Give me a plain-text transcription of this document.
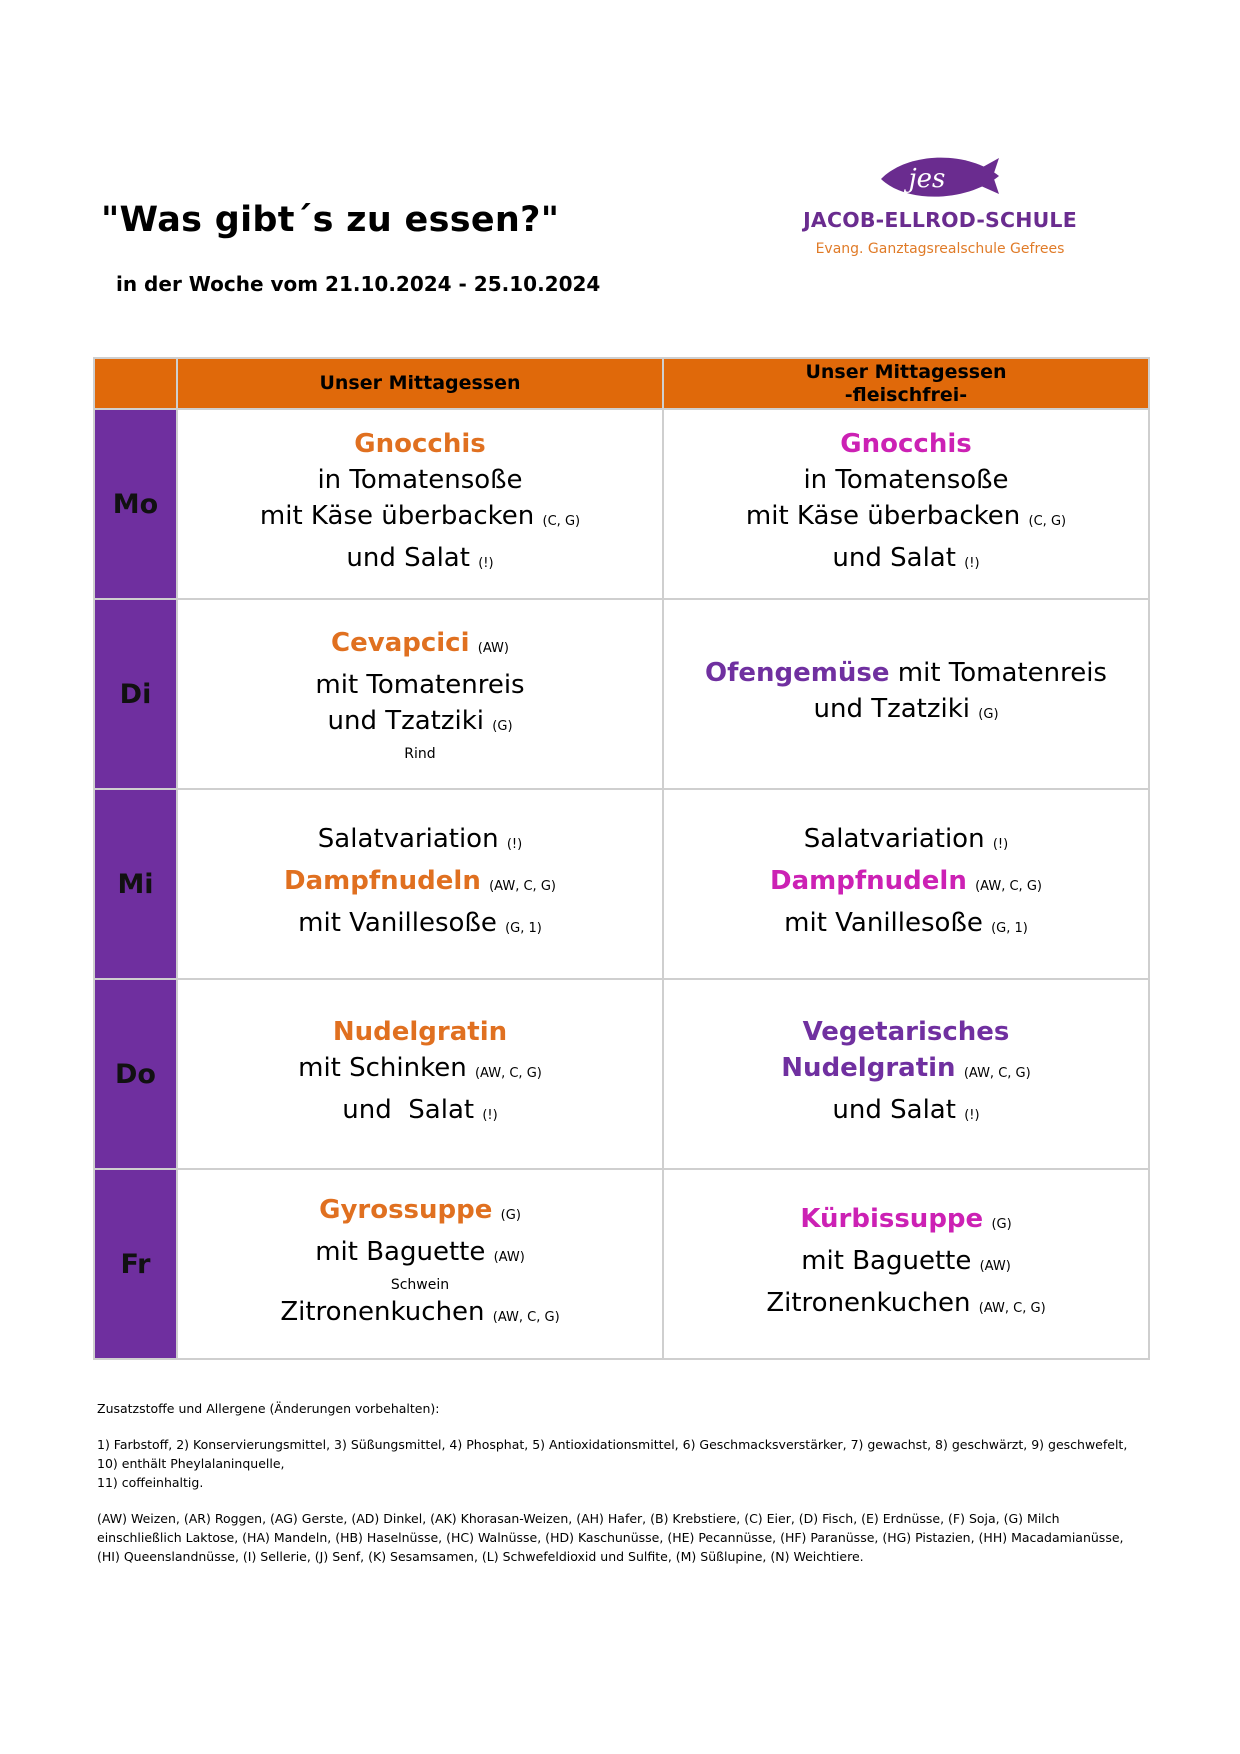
"Was gibt´s zu essen?"
in der Woche vom 21.10.2024 - 25.10.2024
jes
JACOB-ELLROD-SCHULE
Evang. Ganztagsrealschule Gefrees
	Unser Mittagessen	Unser Mittagessen
-fleischfrei-
Mo	Gnocchis
in Tomatensoße
mit Käse überbacken (C, G)
und Salat (!)	Gnocchis
in Tomatensoße
mit Käse überbacken (C, G)
und Salat (!)
Di	Cevapcici (AW)
mit Tomatenreis
und Tzatziki (G)
Rind	Ofengemüse mit Tomatenreis
und Tzatziki (G)
Mi	Salatvariation (!)
Dampfnudeln (AW, C, G)
mit Vanillesoße (G, 1)	Salatvariation (!)
Dampfnudeln (AW, C, G)
mit Vanillesoße (G, 1)
Do	Nudelgratin
mit Schinken (AW, C, G)
und  Salat (!)	Vegetarisches
Nudelgratin (AW, C, G)
und Salat (!)
Fr	Gyrossuppe (G)
mit Baguette (AW)
Schwein
Zitronenkuchen (AW, C, G)	Kürbissuppe (G)
mit Baguette (AW)
Zitronenkuchen (AW, C, G)

Zusatzstoffe und Allergene (Änderungen vorbehalten):

1) Farbstoff, 2) Konservierungsmittel, 3) Süßungsmittel, 4) Phosphat, 5) Antioxidationsmittel, 6) Geschmacksverstärker, 7) gewachst, 8) geschwärzt, 9) geschwefelt, 10) enthält Pheylalaninquelle,
11) coffeinhaltig.

(AW) Weizen, (AR) Roggen, (AG) Gerste, (AD) Dinkel, (AK) Khorasan-Weizen, (AH) Hafer, (B) Krebstiere, (C) Eier, (D) Fisch, (E) Erdnüsse, (F) Soja, (G) Milch einschließlich Laktose, (HA) Mandeln, (HB) Haselnüsse, (HC) Walnüsse, (HD) Kaschunüsse, (HE) Pecannüsse, (HF) Paranüsse, (HG) Pistazien, (HH) Macadamianüsse, (HI) Queenslandnüsse, (I) Sellerie, (J) Senf, (K) Sesamsamen, (L) Schwefeldioxid und Sulfite, (M) Süßlupine, (N) Weichtiere.
